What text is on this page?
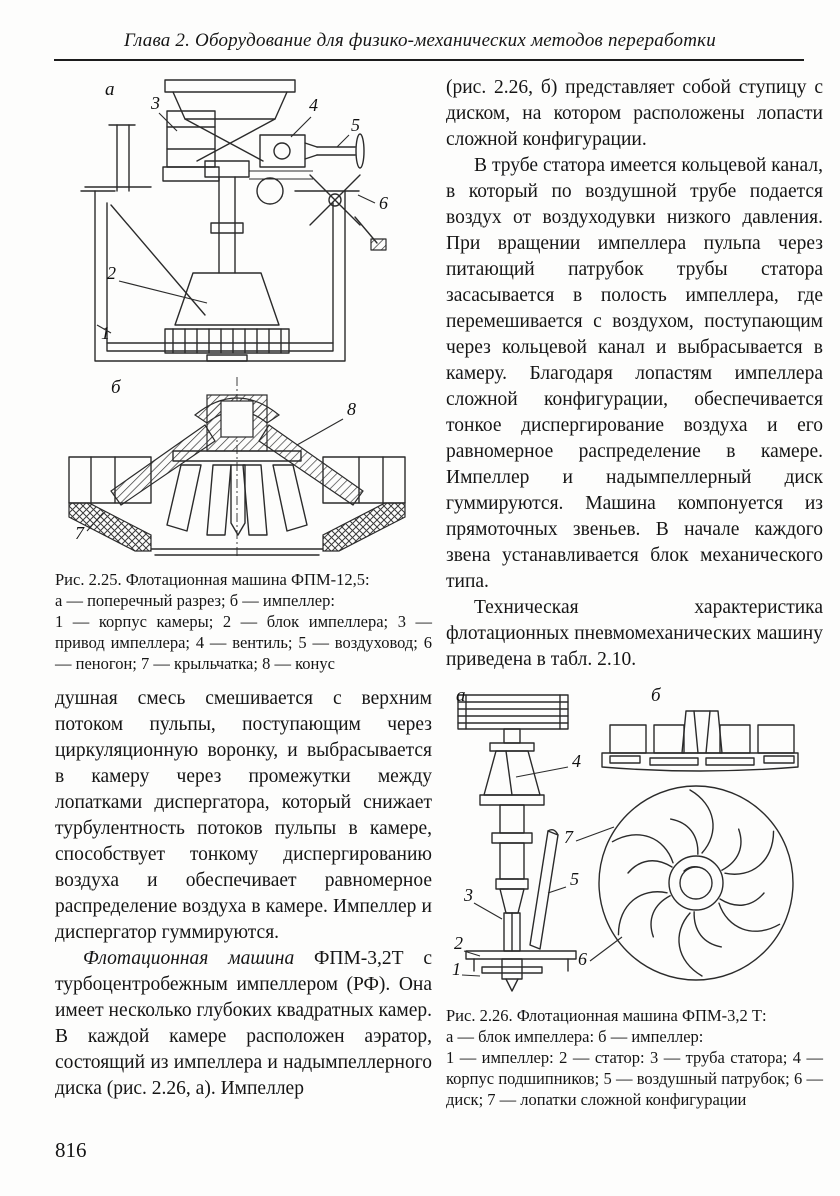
Глава 2. Оборудование для физико-механических методов переработки
а
3	4
5
6
2
1
б
8
7
Рис. 2.25. Флотационная машина ФПМ-12,5:
а — поперечный разрез; б — импеллер:
1 — корпус камеры; 2 — блок импеллера; 3 — привод импеллера; 4 — вентиль; 5 — воздуховод; 6 — пеногон; 7 — крыльчатка; 8 — конус

душная смесь смешивается с верхним потоком пульпы, поступающим через циркуляционную воронку, и выбрасывается в камеру через промежутки между лопатками диспергатора, который снижает турбулентность потоков пульпы в камере, способствует тонкому диспергированию воздуха и обеспечивает равномерное распределение воздуха в камере. Импеллер и диспергатор гуммируются.

Флотационная машина ФПМ-3,2Т с турбоцентробежным импеллером (РФ). Она имеет несколько глубоких квадратных камер. В каждой камере расположен аэратор, состоящий из импеллера и надымпеллерного диска (рис. 2.26, а). Импеллер

(рис. 2.26, б) представляет собой ступицу с диском, на котором расположены лопасти сложной конфигурации.

В трубе статора имеется кольцевой канал, в который по воздушной трубе подается воздух от воздуходувки низкого давления. При вращении импеллера пульпа через питающий патрубок трубы статора засасывается в полость импеллера, где перемешивается с воздухом, поступающим через кольцевой канал и выбрасывается в камеру. Благодаря лопастям импеллера сложной конфигурации, обеспечивается тонкое диспергирование воздуха и его равномерное распределение в камере. Импеллер и надымпеллерный диск гуммируются. Машина компонуется из прямоточных звеньев. В начале каждого звена устанавливается блок механического типа.

Техническая характеристика флотационных пневмомеханических машину приведена в табл. 2.10.

а	б
4
5
3
2
1
7
6
Рис. 2.26. Флотационная машина ФПМ-3,2 Т:
а — блок импеллера: б — импеллер:
1 — импеллер: 2 — статор: 3 — труба статора; 4 — корпус подшипников; 5 — воздушный патрубок; 6 — диск; 7 — лопатки сложной конфигурации
816
